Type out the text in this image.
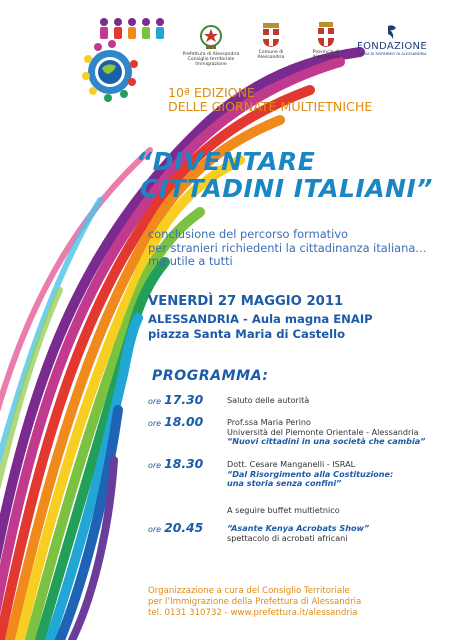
Prefettura di Alessandria
Consiglio territoriale Immigrazione
Comune di
Alessandria
Provincia di
Alessandria
FONDAZIONE
CASSA DI RISPARMIO DI ALESSANDRIA
10ª EDIZIONE
DELLE GIORNATE MULTIETNICHE
“DIVENTARE
CITTADINI ITALIANI”
conclusione del percorso formativo
per stranieri richiedenti la cittadinanza italiana…
ma utile a tutti
VENERDÌ 27 MAGGIO 2011
ALESSANDRIA - Aula magna ENAIP
piazza Santa Maria di Castello
PROGRAMMA:
ore 17.30	Saluto delle autorità
ore 18.00	Prof.ssa Maria Perino
Università del Piemonte Orientale - Alessandria
“Nuovi cittadini in una società che cambia”
ore 18.30	Dott. Cesare Manganelli - ISRAL
“Dal Risorgimento alla Costituzione:
una storia senza confini”
A seguire buffet multietnico
ore 20.45	“Asante Kenya Acrobats Show”
spettacolo di acrobati africani
Organizzazione a cura del Consiglio Territoriale
per l’Immigrazione della Prefettura di Alessandria
tel. 0131 310732 - www.prefettura.it/alessandria
